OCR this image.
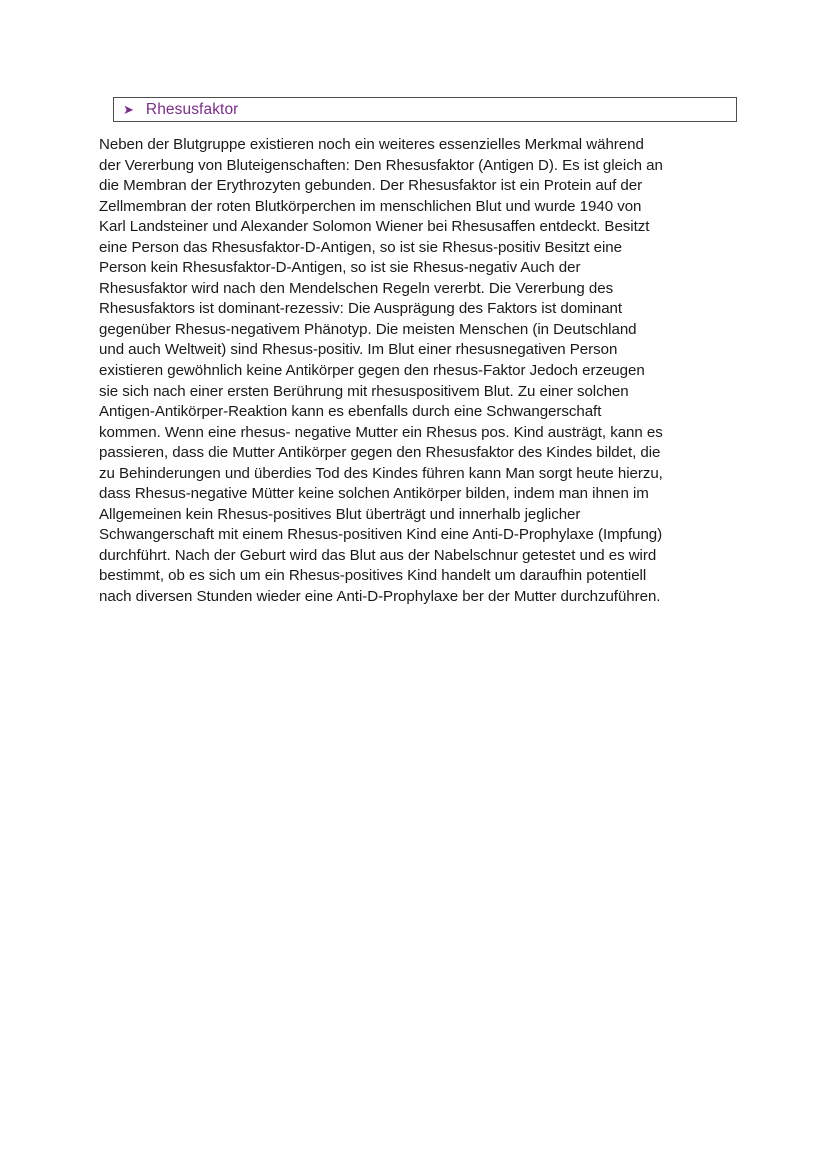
➤ Rhesusfaktor
Neben der Blutgruppe existieren noch ein weiteres essenzielles Merkmal während
der Vererbung von Bluteigenschaften: Den Rhesusfaktor (Antigen D). Es ist gleich an
die Membran der Erythrozyten gebunden. Der Rhesusfaktor ist ein Protein auf der
Zellmembran der roten Blutkörperchen im menschlichen Blut und wurde 1940 von
Karl Landsteiner und Alexander Solomon Wiener bei Rhesusaffen entdeckt. Besitzt
eine Person das Rhesusfaktor-D-Antigen, so ist sie Rhesus-positiv Besitzt eine
Person kein Rhesusfaktor-D-Antigen, so ist sie Rhesus-negativ Auch der
Rhesusfaktor wird nach den Mendelschen Regeln vererbt. Die Vererbung des
Rhesusfaktors ist dominant-rezessiv: Die Ausprägung des Faktors ist dominant
gegenüber Rhesus-negativem Phänotyp. Die meisten Menschen (in Deutschland
und auch Weltweit) sind Rhesus-positiv. Im Blut einer rhesusnegativen Person
existieren gewöhnlich keine Antikörper gegen den rhesus-Faktor Jedoch erzeugen
sie sich nach einer ersten Berührung mit rhesuspositivem Blut. Zu einer solchen
Antigen-Antikörper-Reaktion kann es ebenfalls durch eine Schwangerschaft
kommen. Wenn eine rhesus- negative Mutter ein Rhesus pos. Kind austrägt, kann es
passieren, dass die Mutter Antikörper gegen den Rhesusfaktor des Kindes bildet, die
zu Behinderungen und überdies Tod des Kindes führen kann Man sorgt heute hierzu,
dass Rhesus-negative Mütter keine solchen Antikörper bilden, indem man ihnen im
Allgemeinen kein Rhesus-positives Blut überträgt und innerhalb jeglicher
Schwangerschaft mit einem Rhesus-positiven Kind eine Anti-D-Prophylaxe (Impfung)
durchführt. Nach der Geburt wird das Blut aus der Nabelschnur getestet und es wird
bestimmt, ob es sich um ein Rhesus-positives Kind handelt um daraufhin potentiell
nach diversen Stunden wieder eine Anti-D-Prophylaxe ber der Mutter durchzuführen.
